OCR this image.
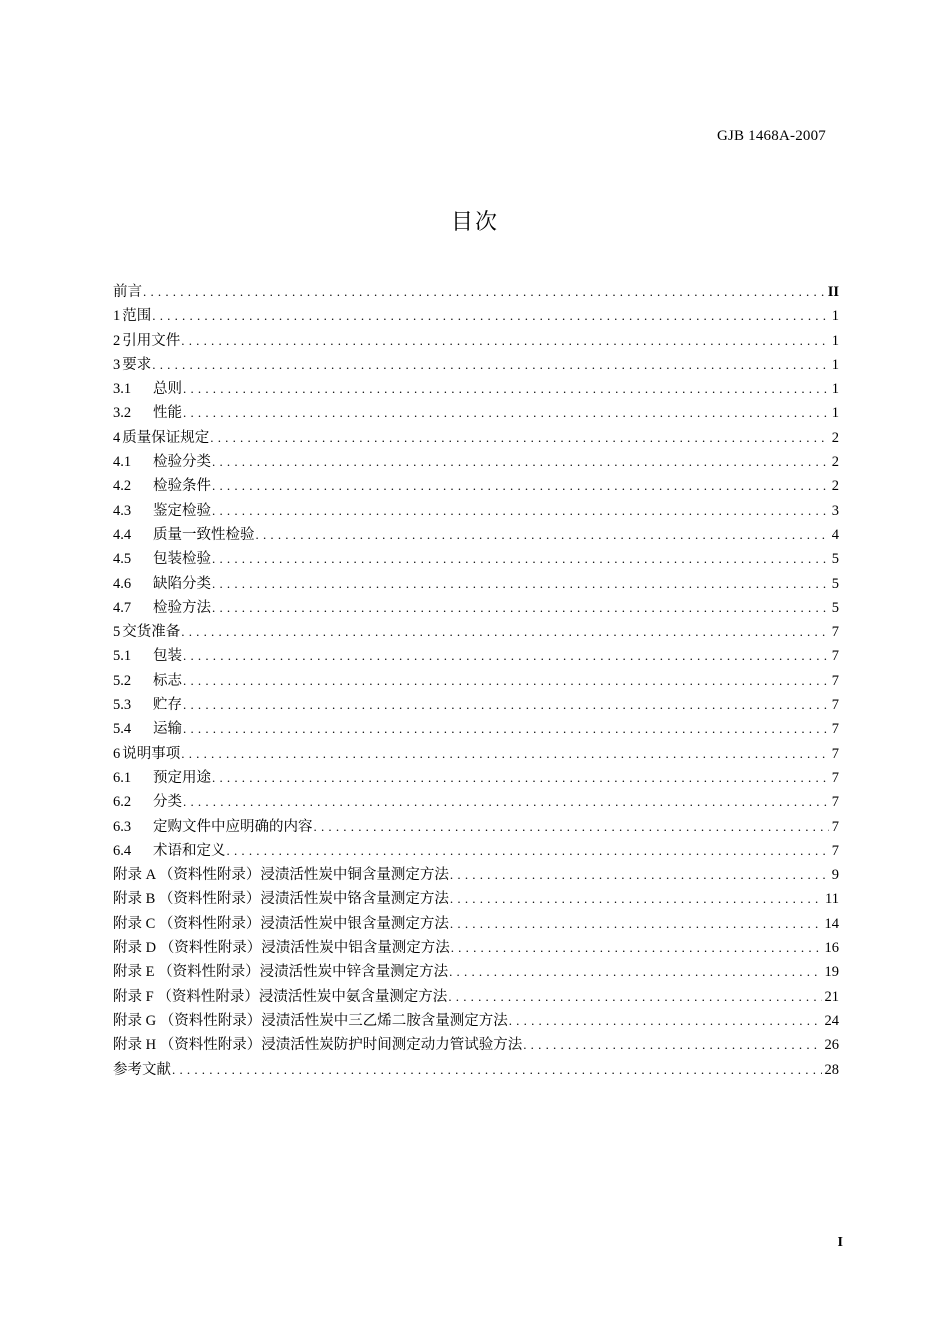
GJB 1468A-2007
目次
前言 .....	II
1 范围 .....	1
2 引用文件 .....	1
3 要求 .....	1
3.1	总则 .....	1
3.2	性能 .....	1
4 质量保证规定 .....	2
4.1	检验分类 .....	2
4.2	检验条件 .....	2
4.3	鉴定检验 .....	3
4.4	质量一致性检验 .....	4
4.5	包装检验 .....	5
4.6	缺陷分类 .....	5
4.7	检验方法 .....	5
5 交货准备 .....	7
5.1	包装 .....	7
5.2	标志 .....	7
5.3	贮存 .....	7
5.4	运输 .....	7
6 说明事项 .....	7
6.1	预定用途 .....	7
6.2	分类 .....	7
6.3	定购文件中应明确的内容 .....	7
6.4	术语和定义 .....	7
附录 A （资料性附录）浸渍活性炭中铜含量测定方法 .....	9
附录 B （资料性附录）浸渍活性炭中铬含量测定方法 .....	11
附录 C （资料性附录）浸渍活性炭中银含量测定方法 .....	14
附录 D （资料性附录）浸渍活性炭中铝含量测定方法 .....	16
附录 E （资料性附录）浸渍活性炭中锌含量测定方法 .....	19
附录 F （资料性附录）浸渍活性炭中氨含量测定方法 .....	21
附录 G （资料性附录）浸渍活性炭中三乙烯二胺含量测定方法 .....	24
附录 H （资料性附录）浸渍活性炭防护时间测定动力管试验方法 .....	26
参考文献 .....	28
I
